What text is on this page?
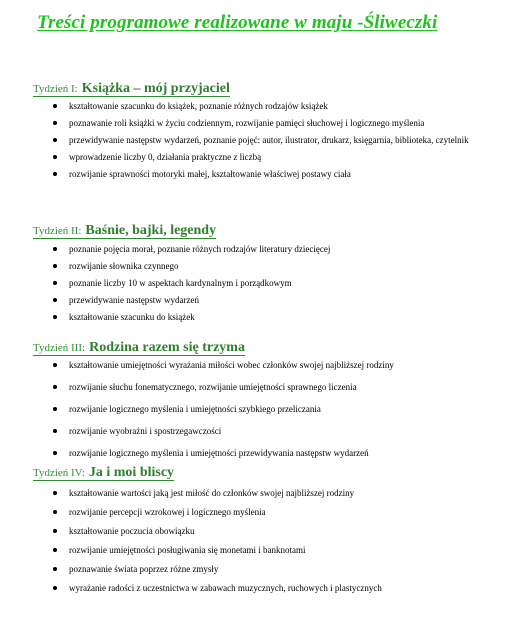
Treści programowe realizowane w maju -Śliweczki
Tydzień I: Książka – mój przyjaciel
kształtowanie szacunku do książek, poznanie różnych rodzajów książek
poznawanie roli książki w życiu codziennym, rozwijanie pamięci słuchowej i logicznego myślenia
przewidywanie następstw wydarzeń, poznanie pojęć: autor, ilustrator, drukarz, księgarnia, biblioteka, czytelnik
wprowadzenie liczby 0, działania praktyczne z liczbą
rozwijanie sprawności motoryki małej, kształtowanie właściwej postawy ciała
Tydzień II: Baśnie, bajki, legendy
poznanie pojęcia morał, poznanie różnych rodzajów literatury dziecięcej
rozwijanie słownika czynnego
poznanie liczby 10 w aspektach kardynalnym i porządkowym
przewidywanie następstw wydarzeń
kształtowanie szacunku do książek
Tydzień III: Rodzina razem się trzyma
kształtowanie umiejętności wyrażania miłości wobec członków swojej najbliższej rodziny
rozwijanie słuchu fonematycznego, rozwijanie umiejętności sprawnego liczenia
rozwijanie logicznego myślenia i umiejętności szybkiego przeliczania
rozwijanie wyobraźni i spostrzegawczości
rozwijanie logicznego myślenia i umiejętności przewidywania następstw wydarzeń
Tydzień IV: Ja i moi bliscy
kształtowanie wartości jaką jest miłość do członków swojej najbliższej rodziny
rozwijanie percepcji wzrokowej i logicznego myślenia
kształtowanie poczucia obowiązku
rozwijanie umiejętności posługiwania się monetami i banknotami
poznawanie świata poprzez różne zmysły
wyrażanie radości z uczestnictwa w zabawach muzycznych, ruchowych i plastycznych
